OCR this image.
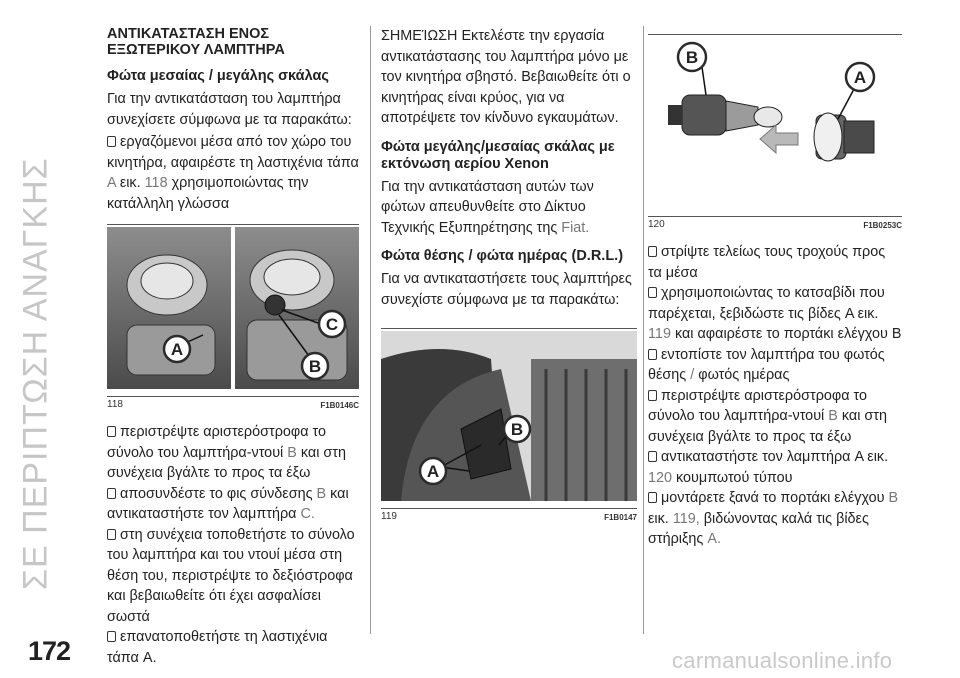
ΣΕ ΠΕΡΙΠΤΩΣΗ ΑΝΑΓΚΗΣ
ΑΝΤΙΚΑΤΑΣΤΑΣΗ ΕΝΟΣ ΕΞΩΤΕΡΙΚΟΥ ΛΑΜΠΤΗΡΑ
Φώτα μεσαίας / μεγάλης σκάλας

Για την αντικατάσταση του λαμπτήρα συνεχίσετε σύμφωνα με τα παρακάτω:

εργαζόμενοι μέσα από τον χώρο του κινητήρα, αφαιρέστε τη λαστιχένια τάπα A εικ. 118 χρησιμοποιώντας την κατάλληλη γλώσσα

A
C
B
118	F1B0146C

περιστρέψτε αριστερόστροφα το σύνολο του λαμπτήρα-ντουί B και στη συνέχεια βγάλτε το προς τα έξω

αποσυνδέστε το φις σύνδεσης B και αντικαταστήστε τον λαμπτήρα C.

στη συνέχεια τοποθετήστε το σύνολο του λαμπτήρα και του ντουί μέσα στη θέση του, περιστρέψτε το δεξιόστροφα και βεβαιωθείτε ότι έχει ασφαλίσει σωστά

επανατοποθετήστε τη λαστιχένια τάπα A.

ΣΗΜΕΊΩΣΗ Εκτελέστε την εργασία αντικατάστασης του λαμπτήρα μόνο με τον κινητήρα σβηστό. Βεβαιωθείτε ότι ο κινητήρας είναι κρύος, για να αποτρέψετε τον κίνδυνο εγκαυμάτων.

Φώτα μεγάλης/μεσαίας σκάλας με εκτόνωση αερίου Xenon

Για την αντικατάσταση αυτών των φώτων απευθυνθείτε στο Δίκτυο Τεχνικής Εξυπηρέτησης της Fiat.

Φώτα θέσης / φώτα ημέρας (D.R.L.)

Για να αντικαταστήσετε τους λαμπτήρες συνεχίστε σύμφωνα με τα παρακάτω:

A
B
119	F1B0147
B
A
120	F1B0253C

στρίψτε τελείως τους τροχούς προς τα μέσα

χρησιμοποιώντας το κατσαβίδι που παρέχεται, ξεβιδώστε τις βίδες A εικ. 119 και αφαιρέστε το πορτάκι ελέγχου B

εντοπίστε τον λαμπτήρα του φωτός θέσης / φωτός ημέρας

περιστρέψτε αριστερόστροφα το σύνολο του λαμπτήρα-ντουί B και στη συνέχεια βγάλτε το προς τα έξω

αντικαταστήστε τον λαμπτήρα A εικ. 120 κουμπωτού τύπου

μοντάρετε ξανά το πορτάκι ελέγχου B εικ. 119, βιδώνοντας καλά τις βίδες στήριξης A.

172	carmanualsonline.info
